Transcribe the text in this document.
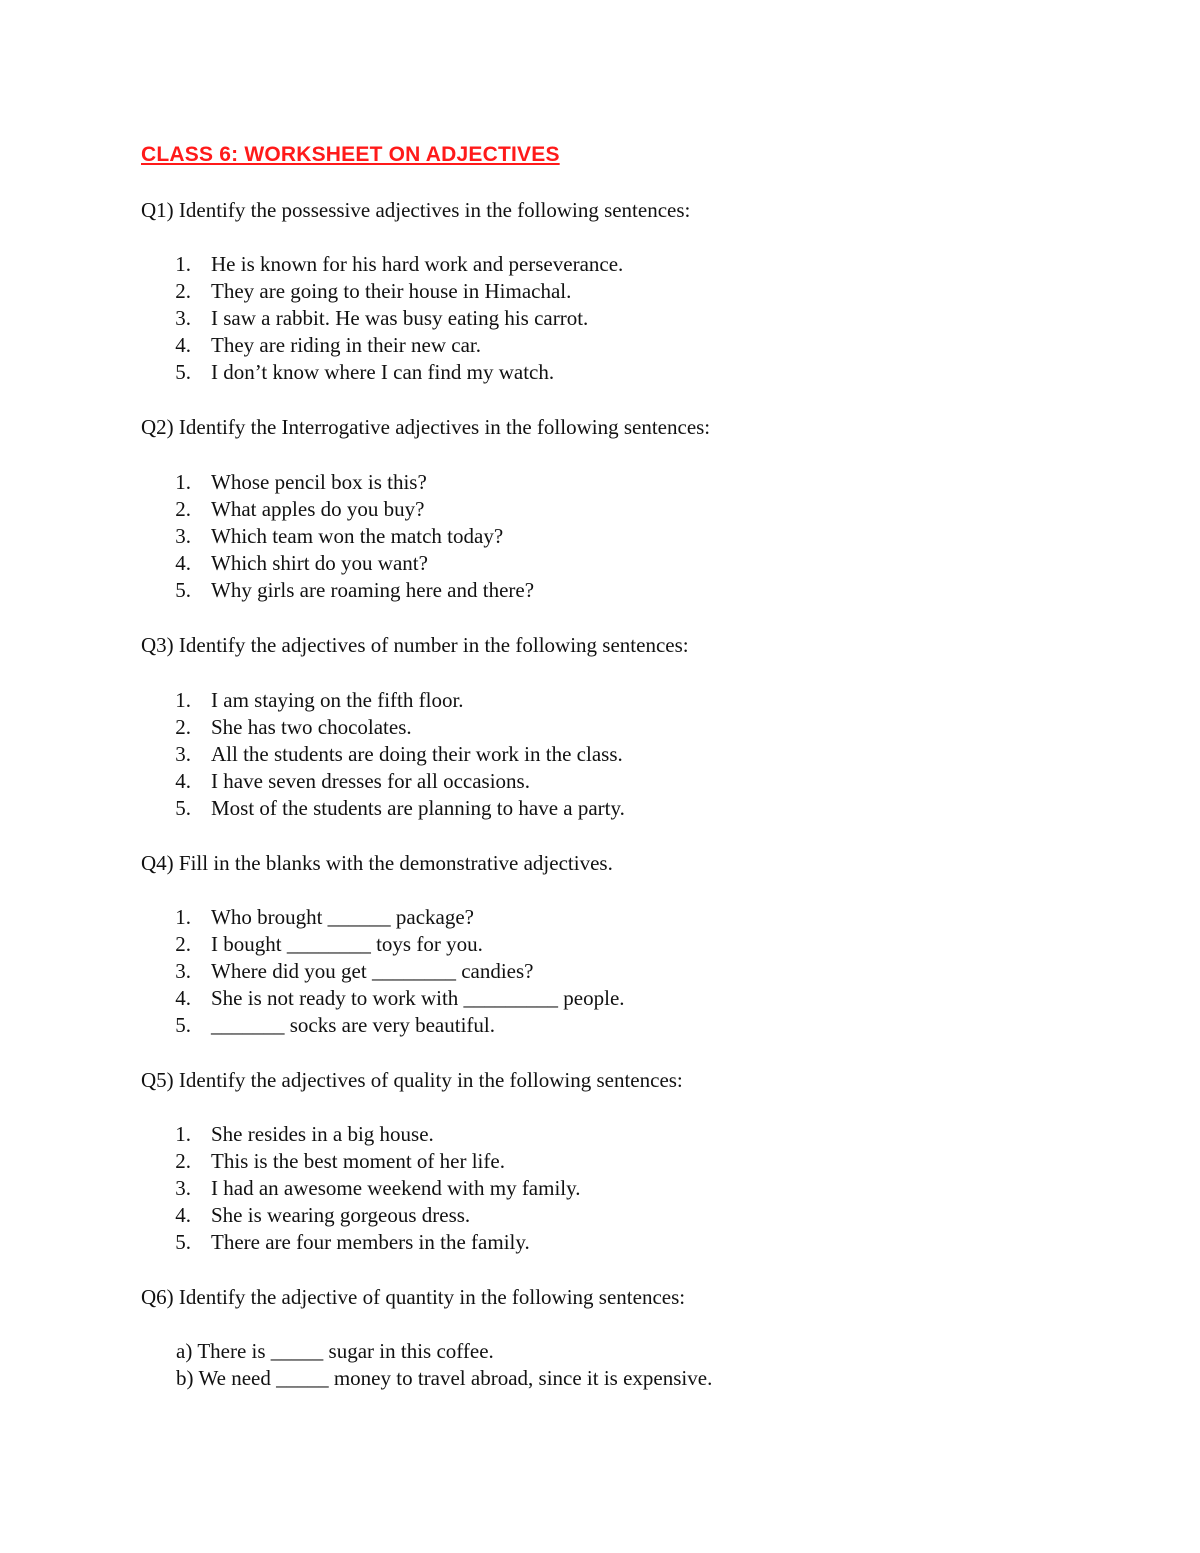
CLASS 6: WORKSHEET ON ADJECTIVES

Q1) Identify the possessive adjectives in the following sentences:

1. He is known for his hard work and perseverance.
2. They are going to their house in Himachal.
3. I saw a rabbit. He was busy eating his carrot.
4. They are riding in their new car.
5. I don’t know where I can find my watch.

Q2) Identify the Interrogative adjectives in the following sentences:

1. Whose pencil box is this?
2. What apples do you buy?
3. Which team won the match today?
4. Which shirt do you want?
5. Why girls are roaming here and there?

Q3) Identify the adjectives of number in the following sentences:

1. I am staying on the fifth floor.
2. She has two chocolates.
3. All the students are doing their work in the class.
4. I have seven dresses for all occasions.
5. Most of the students are planning to have a party.

Q4) Fill in the blanks with the demonstrative adjectives.

1. Who brought ______ package?
2. I bought ________ toys for you.
3. Where did you get ________ candies?
4. She is not ready to work with _________ people.
5. _______ socks are very beautiful.

Q5) Identify the adjectives of quality in the following sentences:

1. She resides in a big house.
2. This is the best moment of her life.
3. I had an awesome weekend with my family.
4. She is wearing gorgeous dress.
5. There are four members in the family.

Q6) Identify the adjective of quantity in the following sentences:

a) There is _____ sugar in this coffee.
b) We need _____ money to travel abroad, since it is expensive.
